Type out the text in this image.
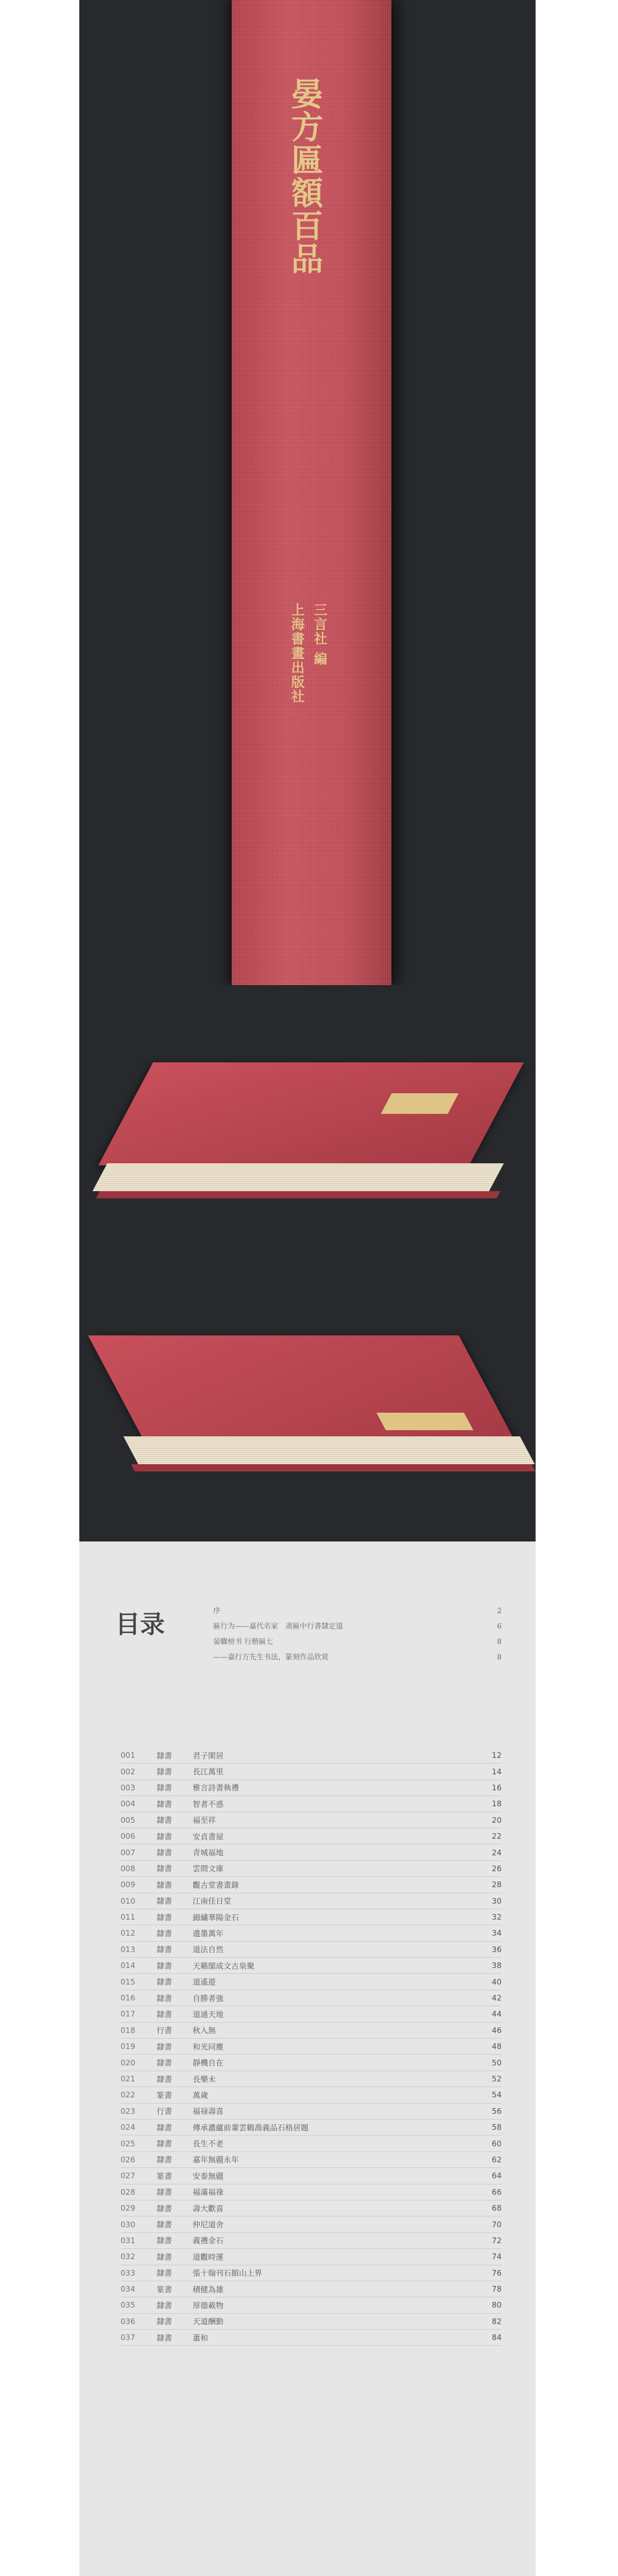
晏方匾額百品
三言社 編
上海書畫出版社
目录	序	2
匾行为——嘉代名家　斋匾中行書隸定道	6
晏驟榜书 行楷匾七	8
——嘉行方先生书法，篆刻作品欣赏	8
001	隸書	君子閑居	12
002	隸書	長江萬里	14
003	隸書	雅言詩書執禮	16
004	隸書	智者不惑	18
005	隸書	福至祥	20
006	隸書	安貞書屋	22
007	隸書	青城福地	24
008	隸書	雲間文庫	26
009	隸書	觀古堂書畫錄	28
010	隸書	江南佳日堂	30
011	隸書	錦繡華陽金石	32
012	隸書	遺墨萬年	34
013	隸書	道法自然	36
014	隸書	天籟閣成文古泉聚	38
015	隸書	道遙遊	40
016	隸書	自勝者強	42
017	隸書	道通天地	44
018	行書	秋入無	46
019	隸書	和光同塵	48
020	隸書	靜機自在	50
021	隸書	長樂未	52
022	篆書	萬歲	54
023	行書	福禄壽喜	56
024	隸書	傳承濃蘊前輩雲鶴喬義品石格居題	58
025	隸書	長生不老	60
026	隸書	嘉年無疆永年	62
027	篆書	安泰無疆	64
028	隸書	福滿福祿	66
029	隸書	壽大歡喜	68
030	隸書	仲尼道舍	70
031	隸書	義禮金石	72
032	隸書	道觀時運	74
033	隸書	張十翰刊石館山上界	76
034	篆書	積健為雄	78
035	隸書	厚德載物	80
036	隸書	天道酬勤	82
037	隸書	蕭和	84
